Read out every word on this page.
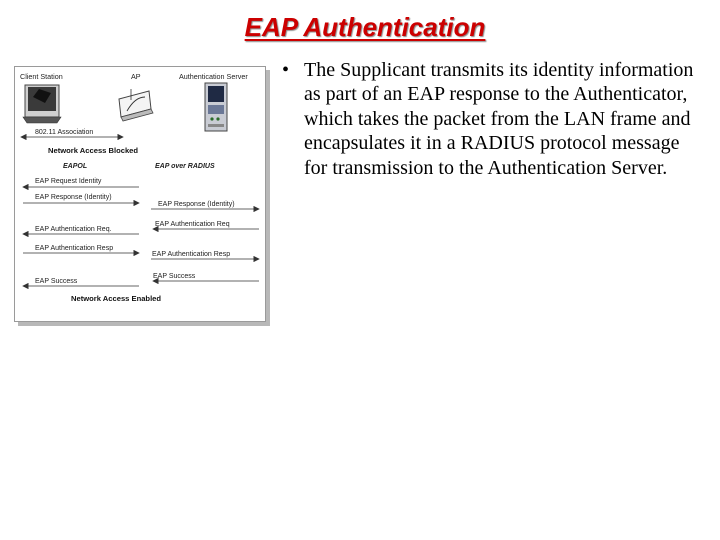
EAP Authentication
Client Station	AP	Authentication Server
802.11 Association
Network Access Blocked
EAPOL	EAP over RADIUS
EAP Request Identity
EAP Response (Identity)
EAP Response (Identity)
EAP Authentication Req
EAP Authentication Req.
EAP Authentication Resp
EAP Authentication Resp
EAP Success
EAP Success
Network Access Enabled
• The Supplicant transmits its identity information as part of an EAP response to the Authenticator, which takes the packet from the LAN frame and encapsulates it in a RADIUS protocol message for transmission to the Authentication Server.
